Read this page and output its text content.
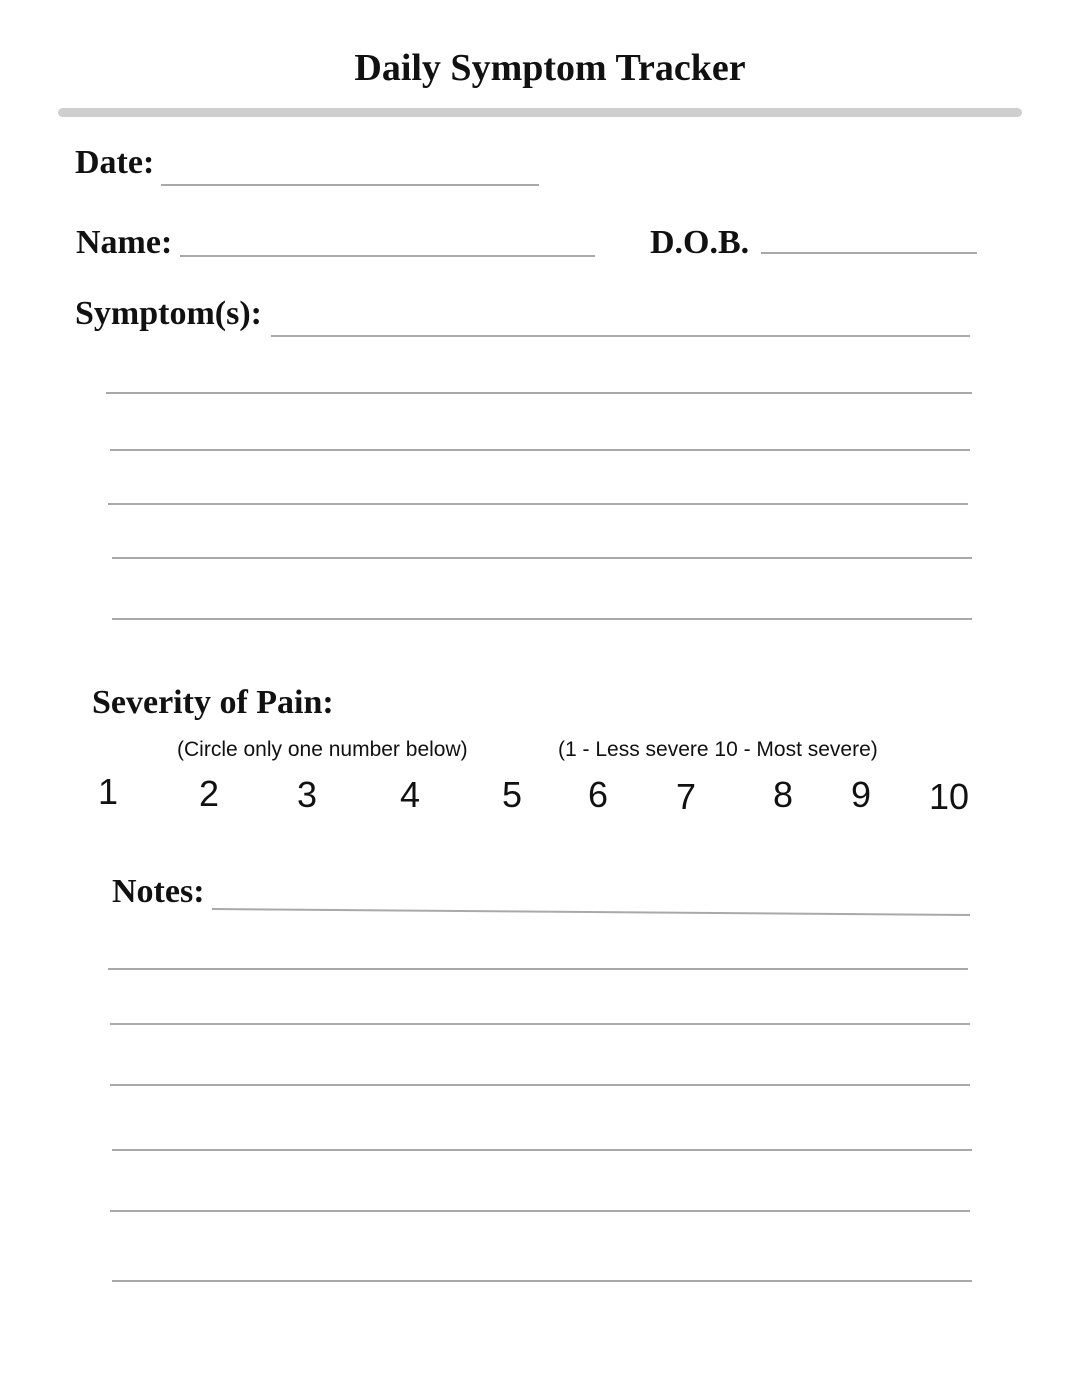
Daily Symptom Tracker
Date:
Name:	D.O.B.
Symptom(s):
Severity of Pain:
(Circle only one number below)	(1 - Less severe 10 - Most severe)
1	2	3	4	5	6	7	8	9	10
Notes:
